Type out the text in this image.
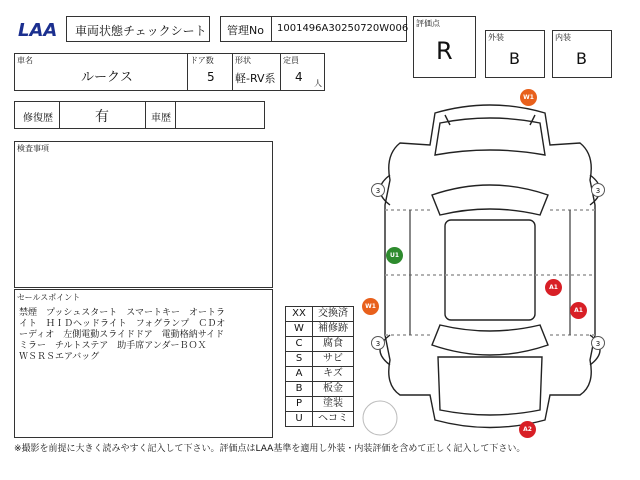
LAA 車両状態チェックシート 管理No 1001496A30250720W006 評価点
R	外装
B
内装
B
車名
ルークス
ドア数
5
形状
軽-RV系
定員
4 人
修復歴	有	車歴
検査事項
セールスポイント
禁煙　プッシュスタート　スマートキー　オートラ
イト　ＨＩＤヘッドライト　フォグランプ　ＣＤオ
ーディオ　左側電動スライドドア　電動格納サイド
ミラー　チルトステア　助手席アンダーＢＯＸ
ＷＳＲＳエアバッグ
XX	交換済
W	補修跡
C	腐食
S	サビ
A	キズ
B	板金
P	塗装
U	ヘコミ
3	3
3	3
W1
W1
U1
A1
A1
A2
※撮影を前提に大きく読みやすく記入して下さい。評価点はLAA基準を適用し外装・内装評価を含めて正しく記入して下さい。
